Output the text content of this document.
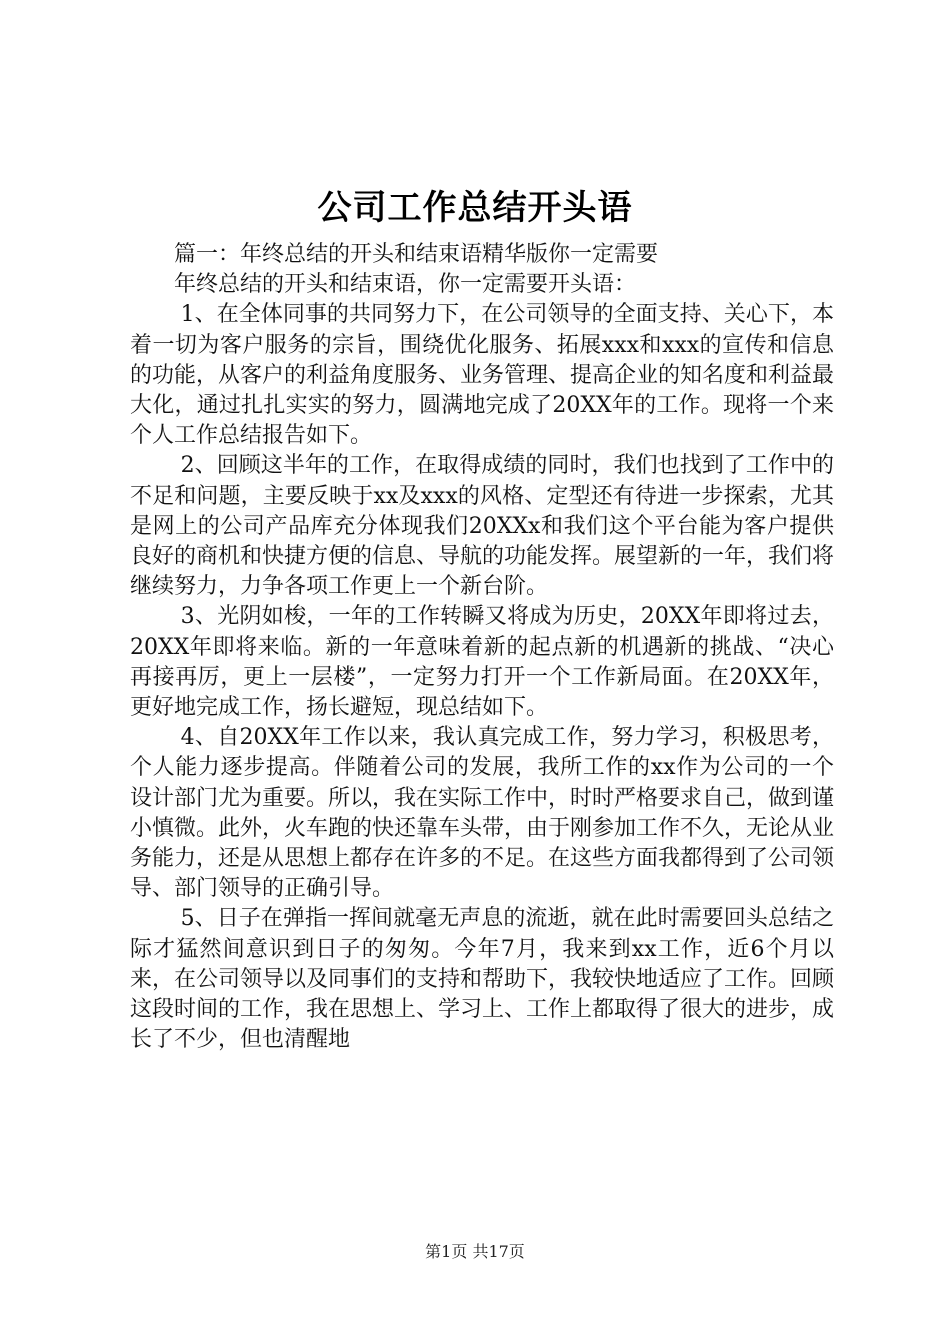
公司工作总结开头语

篇一：年终总结的开头和结束语精华版你一定需要

年终总结的开头和结束语，你一定需要开头语：

1、在全体同事的共同努力下，在公司领导的全面支持、关心下，本着一切为客户服务的宗旨，围绕优化服务、拓展xxx和xxx的宣传和信息的功能，从客户的利益角度服务、业务管理、提高企业的知名度和利益最大化，通过扎扎实实的努力，圆满地完成了20XX年的工作。现将一个来个人工作总结报告如下。

2、回顾这半年的工作，在取得成绩的同时，我们也找到了工作中的不足和问题，主要反映于xx及xxx的风格、定型还有待进一步探索，尤其是网上的公司产品库充分体现我们20XXx和我们这个平台能为客户提供良好的商机和快捷方便的信息、导航的功能发挥。展望新的一年，我们将继续努力，力争各项工作更上一个新台阶。

3、光阴如梭，一年的工作转瞬又将成为历史，20XX年即将过去，20XX年即将来临。新的一年意味着新的起点新的机遇新的挑战、“决心再接再厉，更上一层楼”，一定努力打开一个工作新局面。在20XX年，更好地完成工作，扬长避短，现总结如下。

4、自20XX年工作以来，我认真完成工作，努力学习，积极思考，个人能力逐步提高。伴随着公司的发展，我所工作的xx作为公司的一个设计部门尤为重要。所以，我在实际工作中，时时严格要求自己，做到谨小慎微。此外，火车跑的快还靠车头带，由于刚参加工作不久，无论从业务能力，还是从思想上都存在许多的不足。在这些方面我都得到了公司领导、部门领导的正确引导。

5、日子在弹指一挥间就毫无声息的流逝，就在此时需要回头总结之际才猛然间意识到日子的匆匆。今年7月，我来到xx工作，近6个月以来，在公司领导以及同事们的支持和帮助下，我较快地适应了工作。回顾这段时间的工作，我在思想上、学习上、工作上都取得了很大的进步，成长了不少，但也清醒地

第1页 共17页
